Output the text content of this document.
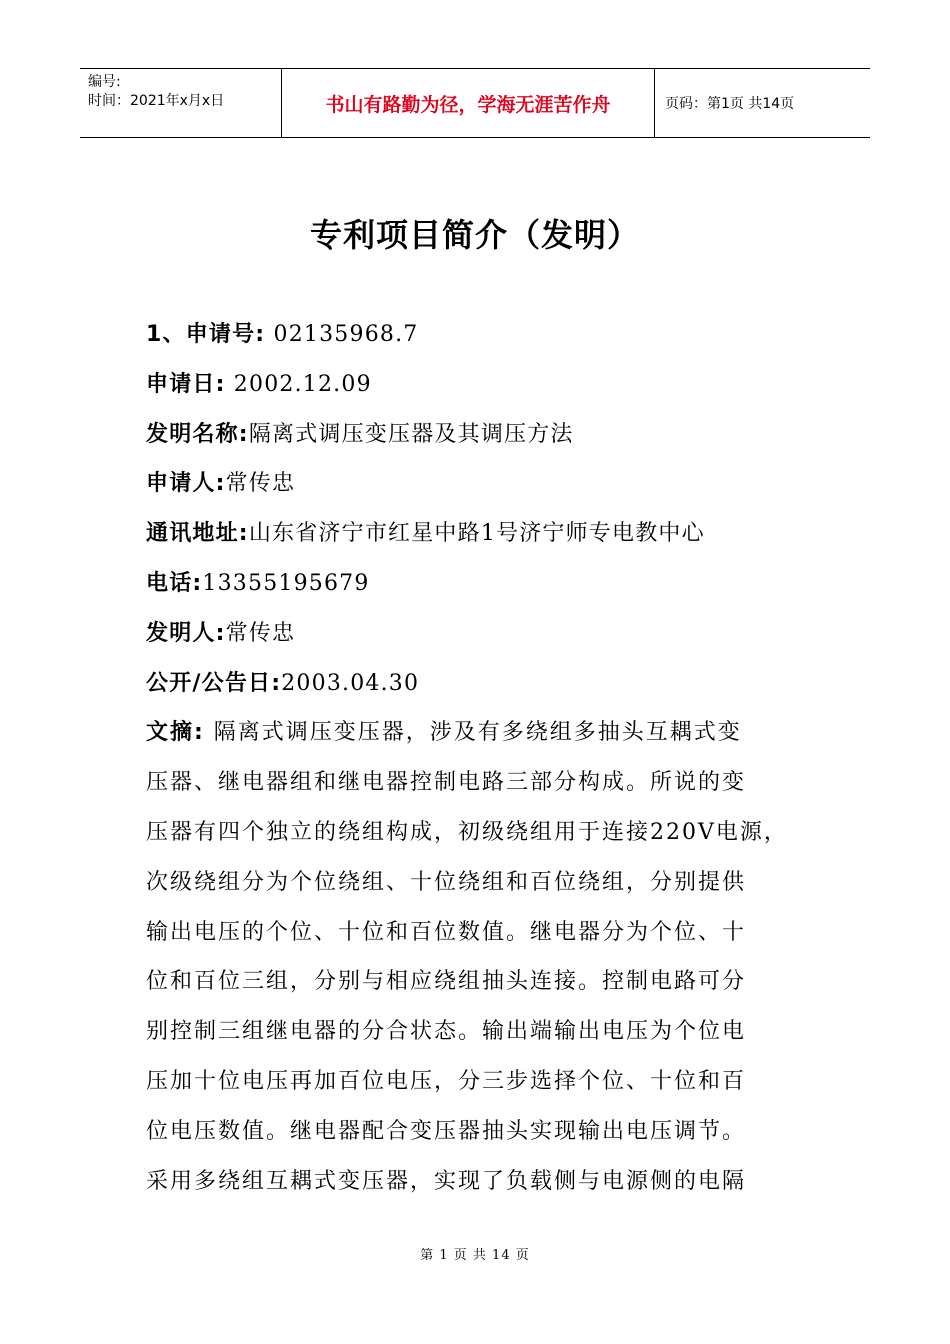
编号:
时间：2021年x月x日	书山有路勤为径，学海无涯苦作舟	页码：第1页 共14页
专利项目简介（发明）
1、申请号: 02135968.7
申请日: 2002.12.09
发明名称:隔离式调压变压器及其调压方法
申请人:常传忠
通讯地址:山东省济宁市红星中路1号济宁师专电教中心
电话:13355195679
发明人:常传忠
公开/公告日:2003.04.30
文摘: 隔离式调压变压器，涉及有多绕组多抽头互耦式变
压器、继电器组和继电器控制电路三部分构成。所说的变
压器有四个独立的绕组构成，初级绕组用于连接220V电源，
次级绕组分为个位绕组、十位绕组和百位绕组，分别提供
输出电压的个位、十位和百位数值。继电器分为个位、十
位和百位三组，分别与相应绕组抽头连接。控制电路可分
别控制三组继电器的分合状态。输出端输出电压为个位电
压加十位电压再加百位电压，分三步选择个位、十位和百
位电压数值。继电器配合变压器抽头实现输出电压调节。
采用多绕组互耦式变压器，实现了负载侧与电源侧的电隔
第 1 页 共 14 页
